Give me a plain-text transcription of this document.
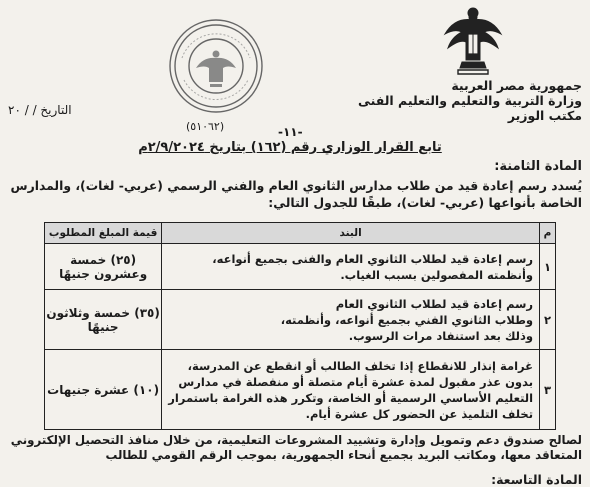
جمهورية مصر العربية
وزارة التربية والتعليم والتعليم الفنى
مكتب الوزير
التاريخ / / ٢٠
(٥١٠٦٢)	-١١-
تابع القرار الوزاري رقم (١٦٢) بتاريخ ٢/٩/٢٠٢٤م
المادة الثامنة:
يُسدد رسم إعادة قيد من طلاب مدارس الثانوي العام والفني الرسمي (عربي- لغات)، والمدارس
الخاصة بأنواعها (عربي- لغات)، طبقًا للجدول التالي:
م	البند	قيمة المبلغ المطلوب
١	رسم إعادة قيد لطلاب الثانوي العام والفنى بجميع أنواعه،
وأنظمته المفصولين بسبب الغياب.	(٢٥) خمسة وعشرون جنيهًا
٢	رسم إعادة قيد لطلاب الثانوي العام
وطلاب الثانوي الفني بجميع أنواعه، وأنظمته،
وذلك بعد استنفاد مرات الرسوب.	(٣٥) خمسة وثلاثون جنيهًا
٣	غرامة إنذار للانقطاع إذا تخلف الطالب أو انقطع عن المدرسة،
بدون عذر مقبول لمدة عشرة أيام متصلة أو منفصلة في مدارس
التعليم الأساسي الرسمية أو الخاصة، وتكرر هذه الغرامة باستمرار
تخلف التلميذ عن الحضور كل عشرة أيام.	(١٠) عشرة جنيهات
لصالح صندوق دعم وتمويل وإدارة وتشييد المشروعات التعليمية، من خلال منافذ التحصيل الإلكتروني
المتعاقد معها، ومكاتب البريد بجميع أنحاء الجمهورية، بموجب الرقم القومي للطالب
المادة التاسعة:
